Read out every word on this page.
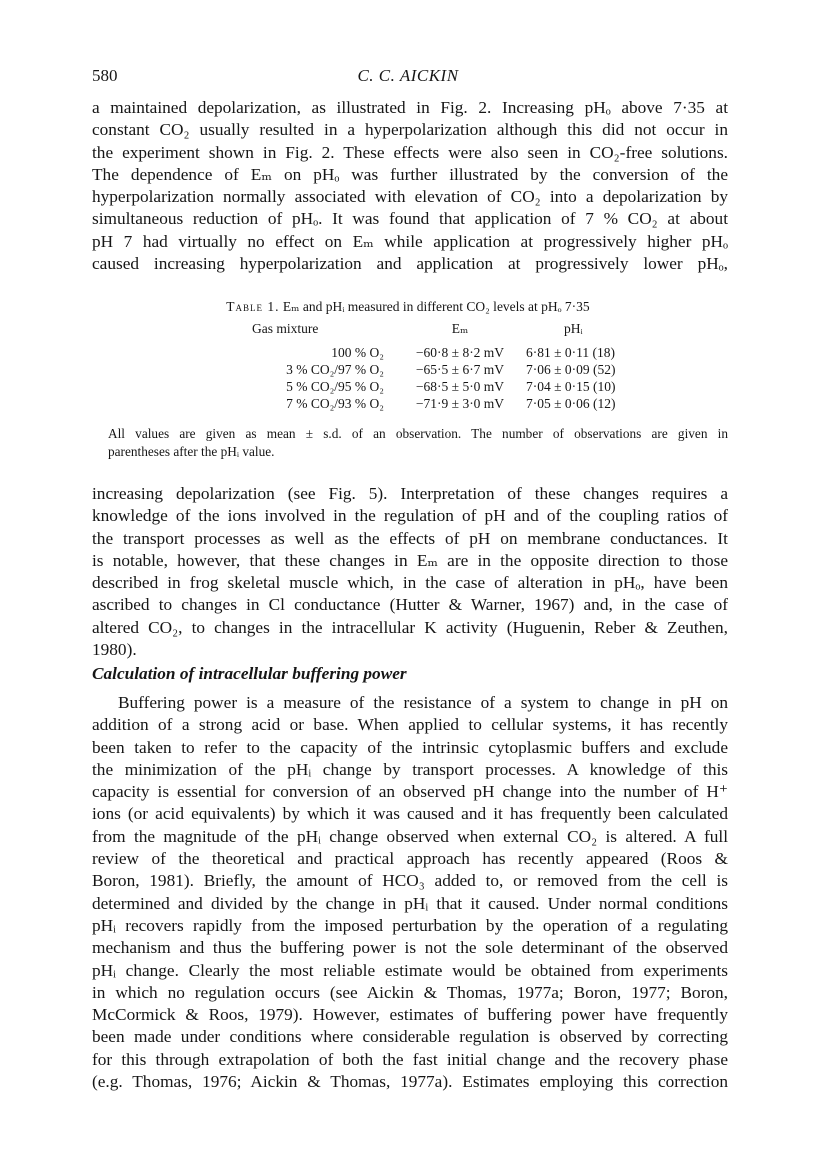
580	C. C. AICKIN
a maintained depolarization, as illustrated in Fig. 2. Increasing pHₒ above 7·35 at
constant CO₂ usually resulted in a hyperpolarization although this did not occur in
the experiment shown in Fig. 2. These effects were also seen in CO₂-free solutions.
The dependence of Eₘ on pHₒ was further illustrated by the conversion of the
hyperpolarization normally associated with elevation of CO₂ into a depolarization by
simultaneous reduction of pHₒ. It was found that application of 7 % CO₂ at about
pH 7 had virtually no effect on Eₘ while application at progressively higher pHₒ
caused increasing hyperpolarization and application at progressively lower pHₒ,
Table 1. Eₘ and pHᵢ measured in different CO₂ levels at pHₒ 7·35
Gas mixture	Eₘ	pHᵢ
100 % O₂	−60·8 ± 8·2 mV	6·81 ± 0·11 (18)
3 % CO₂/97 % O₂	−65·5 ± 6·7 mV	7·06 ± 0·09 (52)
5 % CO₂/95 % O₂	−68·5 ± 5·0 mV	7·04 ± 0·15 (10)
7 % CO₂/93 % O₂	−71·9 ± 3·0 mV	7·05 ± 0·06 (12)
All values are given as mean ± s.d. of an observation. The number of observations are given in
parentheses after the pHᵢ value.
increasing depolarization (see Fig. 5). Interpretation of these changes requires a
knowledge of the ions involved in the regulation of pH and of the coupling ratios of
the transport processes as well as the effects of pH on membrane conductances. It
is notable, however, that these changes in Eₘ are in the opposite direction to those
described in frog skeletal muscle which, in the case of alteration in pHₒ, have been
ascribed to changes in Cl conductance (Hutter & Warner, 1967) and, in the case of
altered CO₂, to changes in the intracellular K activity (Huguenin, Reber & Zeuthen,
1980).
Calculation of intracellular buffering power
Buffering power is a measure of the resistance of a system to change in pH on
addition of a strong acid or base. When applied to cellular systems, it has recently
been taken to refer to the capacity of the intrinsic cytoplasmic buffers and exclude
the minimization of the pHᵢ change by transport processes. A knowledge of this
capacity is essential for conversion of an observed pH change into the number of H⁺
ions (or acid equivalents) by which it was caused and it has frequently been calculated
from the magnitude of the pHᵢ change observed when external CO₂ is altered. A full
review of the theoretical and practical approach has recently appeared (Roos &
Boron, 1981). Briefly, the amount of HCO₃ added to, or removed from the cell is
determined and divided by the change in pHᵢ that it caused. Under normal conditions
pHᵢ recovers rapidly from the imposed perturbation by the operation of a regulating
mechanism and thus the buffering power is not the sole determinant of the observed
pHᵢ change. Clearly the most reliable estimate would be obtained from experiments
in which no regulation occurs (see Aickin & Thomas, 1977a; Boron, 1977; Boron,
McCormick & Roos, 1979). However, estimates of buffering power have frequently
been made under conditions where considerable regulation is observed by correcting
for this through extrapolation of both the fast initial change and the recovery phase
(e.g. Thomas, 1976; Aickin & Thomas, 1977a). Estimates employing this correction
